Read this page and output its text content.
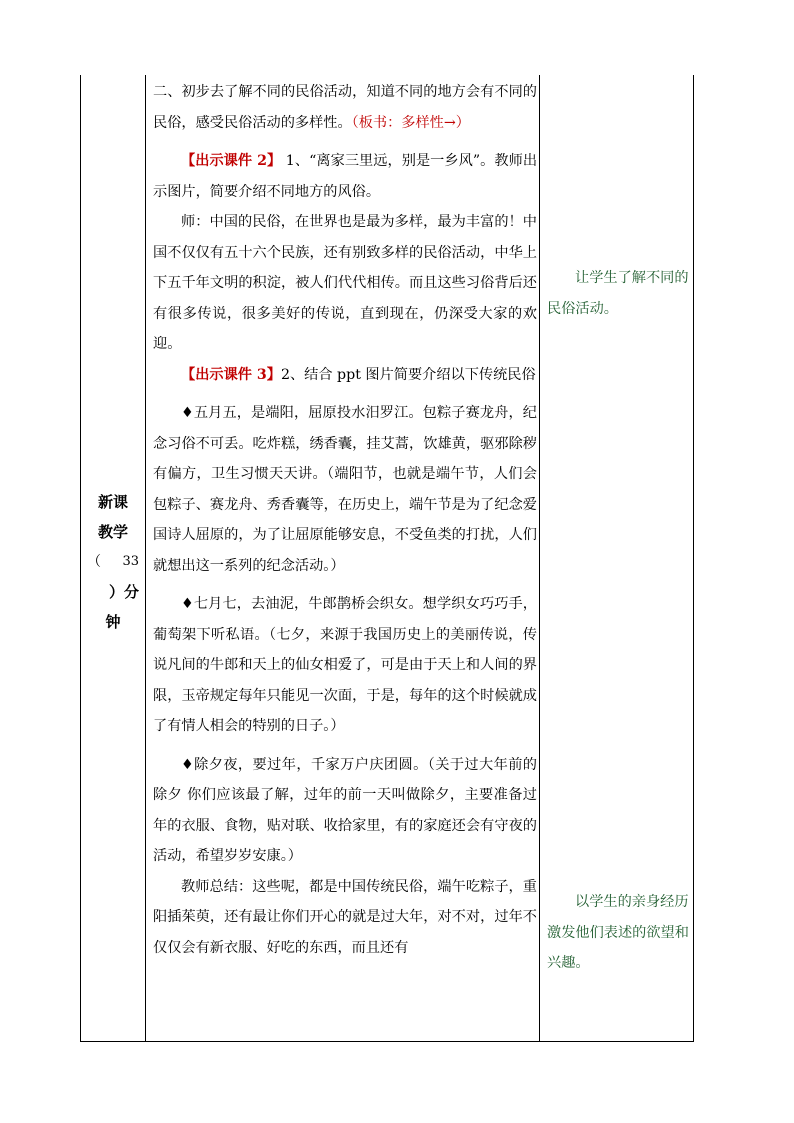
新课
教学
（ 33
）分
钟

二、初步去了解不同的民俗活动，知道不同的地方会有不同的民俗，感受民俗活动的多样性。（板书：多样性→）

【出示课件 2】 1、“离家三里远，别是一乡风”。教师出示图片，简要介绍不同地方的风俗。

师：中国的民俗，在世界也是最为多样，最为丰富的！中国不仅仅有五十六个民族，还有别致多样的民俗活动，中华上下五千年文明的积淀，被人们代代相传。而且这些习俗背后还有很多传说，很多美好的传说，直到现在，仍深受大家的欢迎。

【出示课件 3】2、结合 ppt 图片简要介绍以下传统民俗

♦五月五，是端阳，屈原投水汨罗江。包粽子赛龙舟，纪念习俗不可丢。吃炸糕，绣香囊，挂艾蒿，饮雄黄，驱邪除秽有偏方，卫生习惯天天讲。（端阳节，也就是端午节，人们会包粽子、赛龙舟、秀香囊等，在历史上，端午节是为了纪念爱国诗人屈原的，为了让屈原能够安息，不受鱼类的打扰，人们就想出这一系列的纪念活动。）

♦七月七，去油泥，牛郎鹊桥会织女。想学织女巧巧手，葡萄架下听私语。（七夕，来源于我国历史上的美丽传说，传说凡间的牛郎和天上的仙女相爱了，可是由于天上和人间的界限，玉帝规定每年只能见一次面，于是，每年的这个时候就成了有情人相会的特别的日子。）

♦除夕夜，要过年，千家万户庆团圆。（关于过大年前的除夕 你们应该最了解，过年的前一天叫做除夕，主要准备过年的衣服、食物，贴对联、收拾家里，有的家庭还会有守夜的活动，希望岁岁安康。）

教师总结：这些呢，都是中国传统民俗，端午吃粽子，重阳插茱萸，还有最让你们开心的就是过大年，对不对，过年不仅仅会有新衣服、好吃的东西，而且还有

让学生了解不同的民俗活动。

以学生的亲身经历激发他们表述的欲望和兴趣。
